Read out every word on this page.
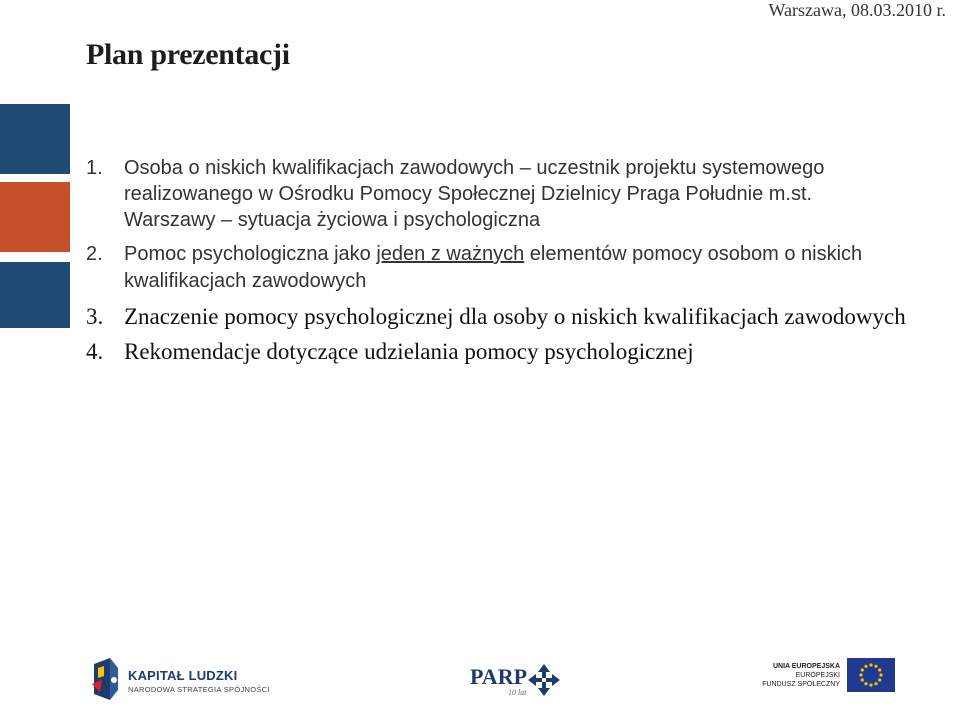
Warszawa, 08.03.2010 r.
Plan prezentacji
1. Osoba o niskich kwalifikacjach zawodowych – uczestnik projektu systemowego realizowanego w Ośrodku Pomocy Społecznej Dzielnicy Praga Południe m.st. Warszawy – sytuacja życiowa i psychologiczna
2. Pomoc psychologiczna jako jeden z ważnych elementów pomocy osobom o niskich kwalifikacjach zawodowych
3. Znaczenie pomocy psychologicznej dla osoby o niskich kwalifikacjach zawodowych
4. Rekomendacje dotyczące udzielania pomocy psychologicznej
KAPITAŁ LUDZKI
NARODOWA STRATEGIA SPÓJNOŚCI
PARP
10 lat
UNIA EUROPEJSKA
EUROPEJSKI
FUNDUSZ SPOŁECZNY
